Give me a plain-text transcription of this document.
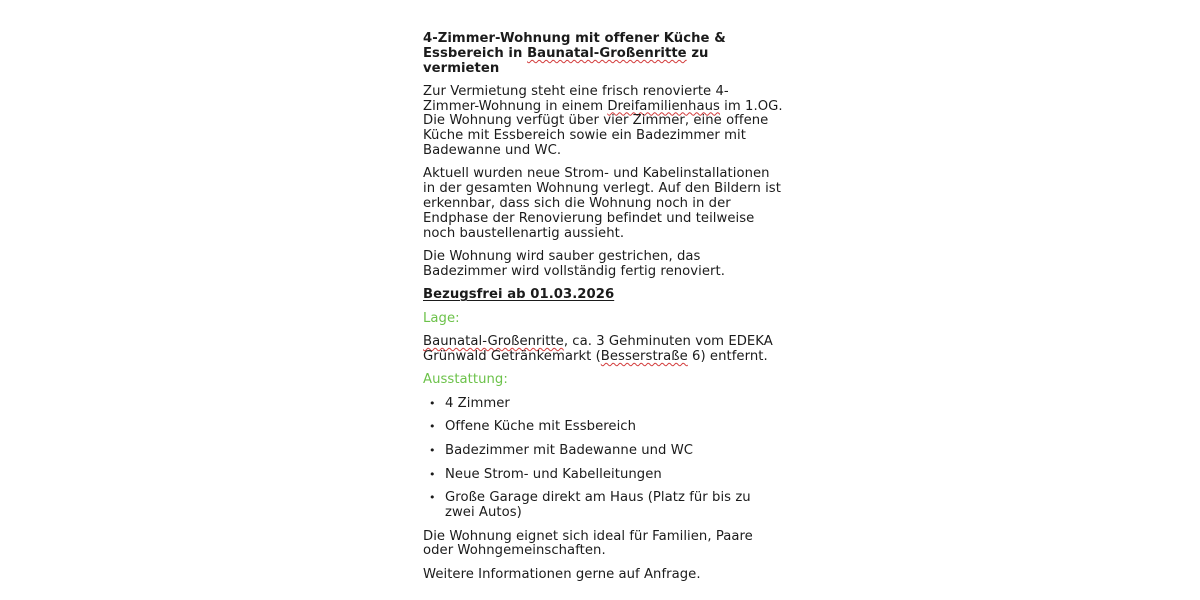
4-Zimmer-Wohnung mit offener Küche & Essbereich in Baunatal-Großenritte zu vermieten

Zur Vermietung steht eine frisch renovierte 4-Zimmer-Wohnung in einem Dreifamilienhaus im 1.OG. Die Wohnung verfügt über vier Zimmer, eine offene Küche mit Essbereich sowie ein Badezimmer mit Badewanne und WC.

Aktuell wurden neue Strom- und Kabelinstallationen in der gesamten Wohnung verlegt. Auf den Bildern ist erkennbar, dass sich die Wohnung noch in der Endphase der Renovierung befindet und teilweise noch baustellenartig aussieht.

Die Wohnung wird sauber gestrichen, das Badezimmer wird vollständig fertig renoviert.

Bezugsfrei ab 01.03.2026

Lage:

Baunatal-Großenritte, ca. 3 Gehminuten vom EDEKA Grünwald Getränkemarkt (Besserstraße 6) entfernt.

Ausstattung:

• 4 Zimmer
• Offene Küche mit Essbereich
• Badezimmer mit Badewanne und WC
• Neue Strom- und Kabelleitungen
• Große Garage direkt am Haus (Platz für bis zu zwei Autos)

Die Wohnung eignet sich ideal für Familien, Paare oder Wohngemeinschaften.

Weitere Informationen gerne auf Anfrage.
